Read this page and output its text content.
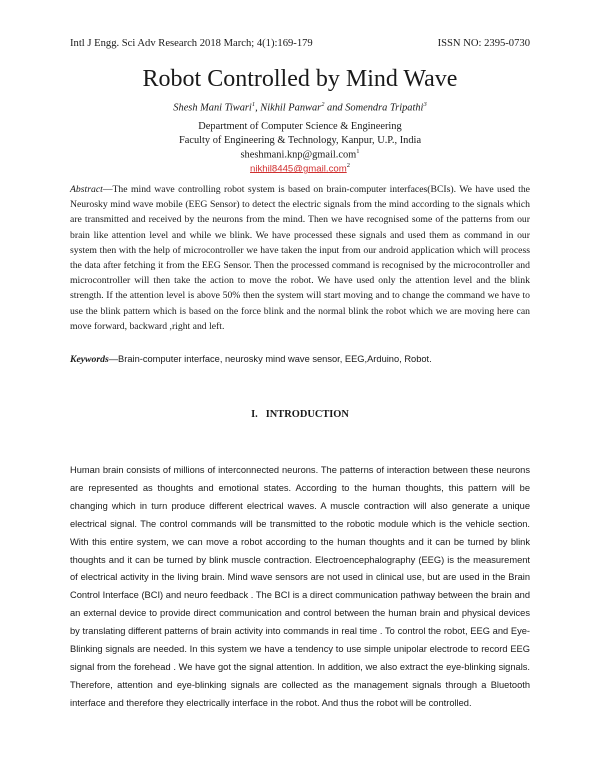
Intl J Engg. Sci Adv Research 2018 March; 4(1):169-179	ISSN NO: 2395-0730
Robot Controlled by Mind Wave
Shesh Mani Tiwari$^1$, Nikhil Panwar$^2$ and Somendra Tripathi$^3$
Department of Computer Science & Engineering
Faculty of Engineering & Technology, Kanpur, U.P., India
sheshmani.knp@gmail.com$^1$
nikhil8445@gmail.com$^2$
Abstract—The mind wave controlling robot system is based on brain-computer interfaces(BCIs). We have used the Neurosky mind wave mobile (EEG Sensor) to detect the electric signals from the mind according to the signals which are transmitted and received by the neurons from the mind. Then we have recognised some of the patterns from our brain like attention level and while we blink. We have processed these signals and used them as command in our system then with the help of microcontroller we have taken the input from our android application which will process the data after fetching it from the EEG Sensor. Then the processed command is recognised by the microcontroller and microcontroller will then take the action to move the robot. We have used only the attention level and the blink strength. If the attention level is above 50% then the system will start moving and to change the command we have to use the blink pattern which is based on the force blink and the normal blink the robot which we are moving here can move forward, backward ,right and left.
Keywords—Brain-computer interface, neurosky mind wave sensor, EEG,Arduino, Robot.
I. INTRODUCTION
Human brain consists of millions of interconnected neurons. The patterns of interaction between these neurons are represented as thoughts and emotional states. According to the human thoughts, this pattern will be changing which in turn produce different electrical waves. A muscle contraction will also generate a unique electrical signal. The control commands will be transmitted to the robotic module which is the vehicle section. With this entire system, we can move a robot according to the human thoughts and it can be turned by blink thoughts and it can be turned by blink muscle contraction. Electroencephalography (EEG) is the measurement of electrical activity in the living brain. Mind wave sensors are not used in clinical use, but are used in the Brain Control Interface (BCI) and neuro feedback . The BCI is a direct communication pathway between the brain and an external device to provide direct communication and control between the human brain and physical devices by translating different patterns of brain activity into commands in real time . To control the robot, EEG and Eye-Blinking signals are needed. In this system we have a tendency to use simple unipolar electrode to record EEG signal from the forehead . We have got the signal attention. In addition, we also extract the eye-blinking signals. Therefore, attention and eye-blinking signals are collected as the management signals through a Bluetooth interface and therefore they electrically interface in the robot. And thus the robot will be controlled.
